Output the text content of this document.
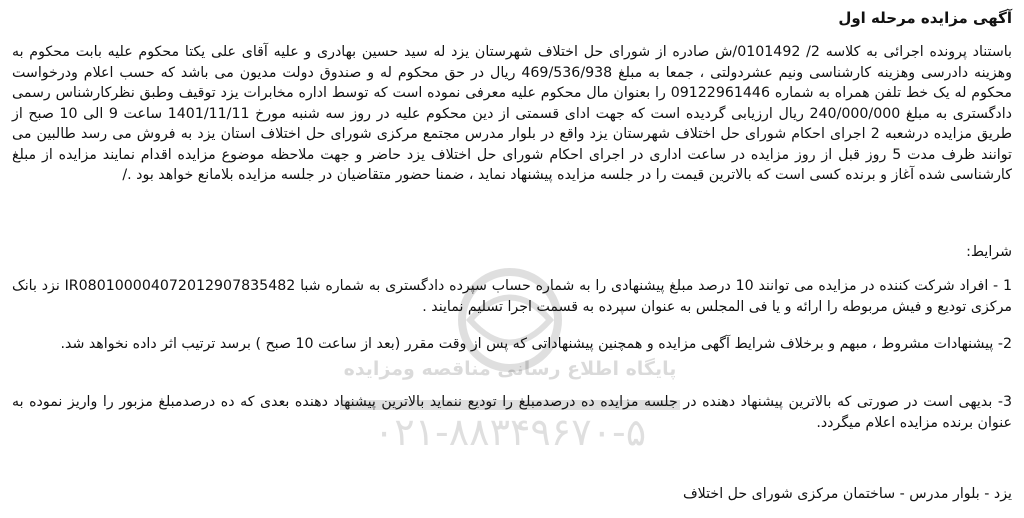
۰۲۱-۸۸۳۴۹۶۷۰-۵
پایگاه اطلاع رسانی مناقصه ومزایده
آگهی مزایده مرحله اول
باستناد پرونده اجرائی به کلاسه 2/ 0101492/ش صادره از شورای حل اختلاف شهرستان یزد له سید حسین بهادری و علیه آقای علی یکتا محکوم علیه بابت محکوم به وهزینه دادرسی وهزینه کارشناسی ونیم عشردولتی ، جمعا به مبلغ 469/536/938 ریال در حق محکوم له و صندوق دولت مدیون می باشد که حسب اعلام ودرخواست محکوم له یک خط تلفن همراه به شماره 09122961446 را بعنوان مال محکوم علیه معرفی نموده است که توسط اداره مخابرات یزد توقیف وطبق نظرکارشناس رسمی دادگستری به مبلغ 240/000/000 ریال ارزیابی گردیده است که جهت ادای قسمتی از دین محکوم علیه در روز سه شنبه مورخ 1401/11/11 ساعت 9 الی 10 صبح از طریق مزایده درشعبه 2 اجرای احکام شورای حل اختلاف شهرستان یزد واقع در بلوار مدرس مجتمع مرکزی شورای حل اختلاف استان یزد به فروش می رسد طالبین می توانند ظرف مدت 5 روز قبل از روز مزایده در ساعت اداری در اجرای احکام شورای حل اختلاف یزد حاضر و جهت ملاحظه موضوع مزایده اقدام نمایند مزایده از مبلغ کارشناسی شده آغاز و برنده کسی است که بالاترین قیمت را در جلسه مزایده پیشنهاد نماید ، ضمنا حضور متقاضیان در جلسه مزایده بلامانع خواهد بود ./
شرایط:
1 - افراد شرکت کننده در مزایده می توانند 10 درصد مبلغ پیشنهادی را به شماره حساب سپرده دادگستری به شماره شبا IR080100004072012907835482 نزد بانک مرکزی تودیع و فیش مربوطه را ارائه و یا فی المجلس به عنوان سپرده به قسمت اجرا تسلیم نمایند .
2- پیشنهادات مشروط ، مبهم و برخلاف شرایط آگهی مزایده و همچنین پیشنهاداتی که پس از وقت مقرر (بعد از ساعت 10 صبح ) برسد ترتیب اثر داده نخواهد شد.
3- بدیهی است در صورتی که بالاترین پیشنهاد دهنده در جلسه مزایده ده درصدمبلغ را تودیع ننماید بالاترین پیشنهاد دهنده بعدی که ده درصدمبلغ مزبور را واریز نموده به عنوان برنده مزایده اعلام میگردد.
یزد - بلوار مدرس - ساختمان مرکزی شورای حل اختلاف
